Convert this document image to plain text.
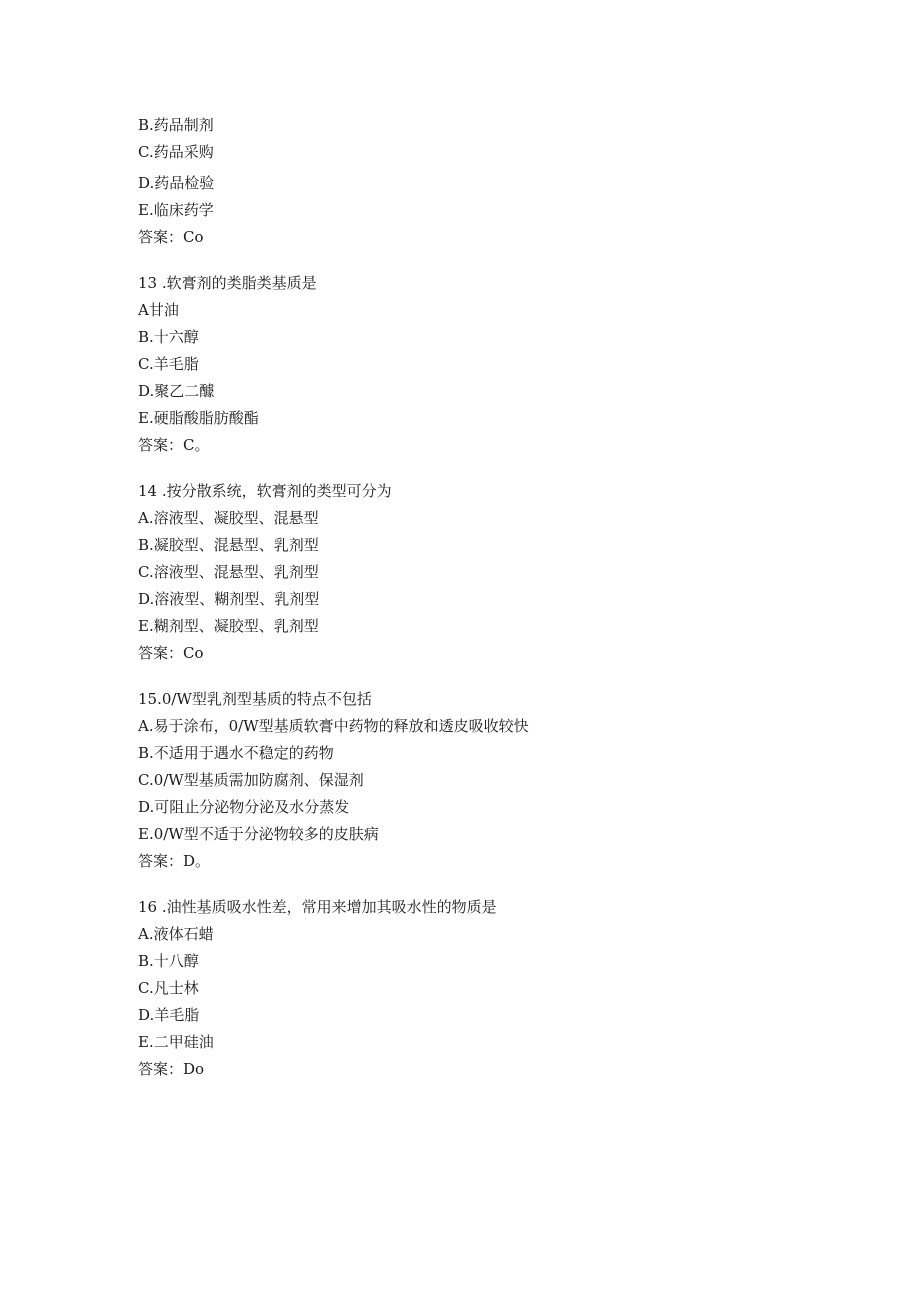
B.药品制剂
C.药品采购
D.药品检验
E.临床药学
答案：Co
13 .软膏剂的类脂类基质是
A甘油
B.十六醇
C.羊毛脂
D.聚乙二醵
E.硬脂酸脂肪酸酯
答案：C。
14 .按分散系统，软膏剂的类型可分为
A.溶液型、凝胶型、混悬型
B.凝胶型、混悬型、乳剂型
C.溶液型、混悬型、乳剂型
D.溶液型、糊剂型、乳剂型
E.糊剂型、凝胶型、乳剂型
答案：Co
15.0/W型乳剂型基质的特点不包括
A.易于涂布，0/W型基质软膏中药物的释放和透皮吸收较快
B.不适用于遇水不稳定的药物
C.0/W型基质需加防腐剂、保湿剂
D.可阻止分泌物分泌及水分蒸发
E.0/W型不适于分泌物较多的皮肤病
答案：D。
16 .油性基质吸水性差，常用来增加其吸水性的物质是
A.液体石蜡
B.十八醇
C.凡士林
D.羊毛脂
E.二甲硅油
答案：Do
